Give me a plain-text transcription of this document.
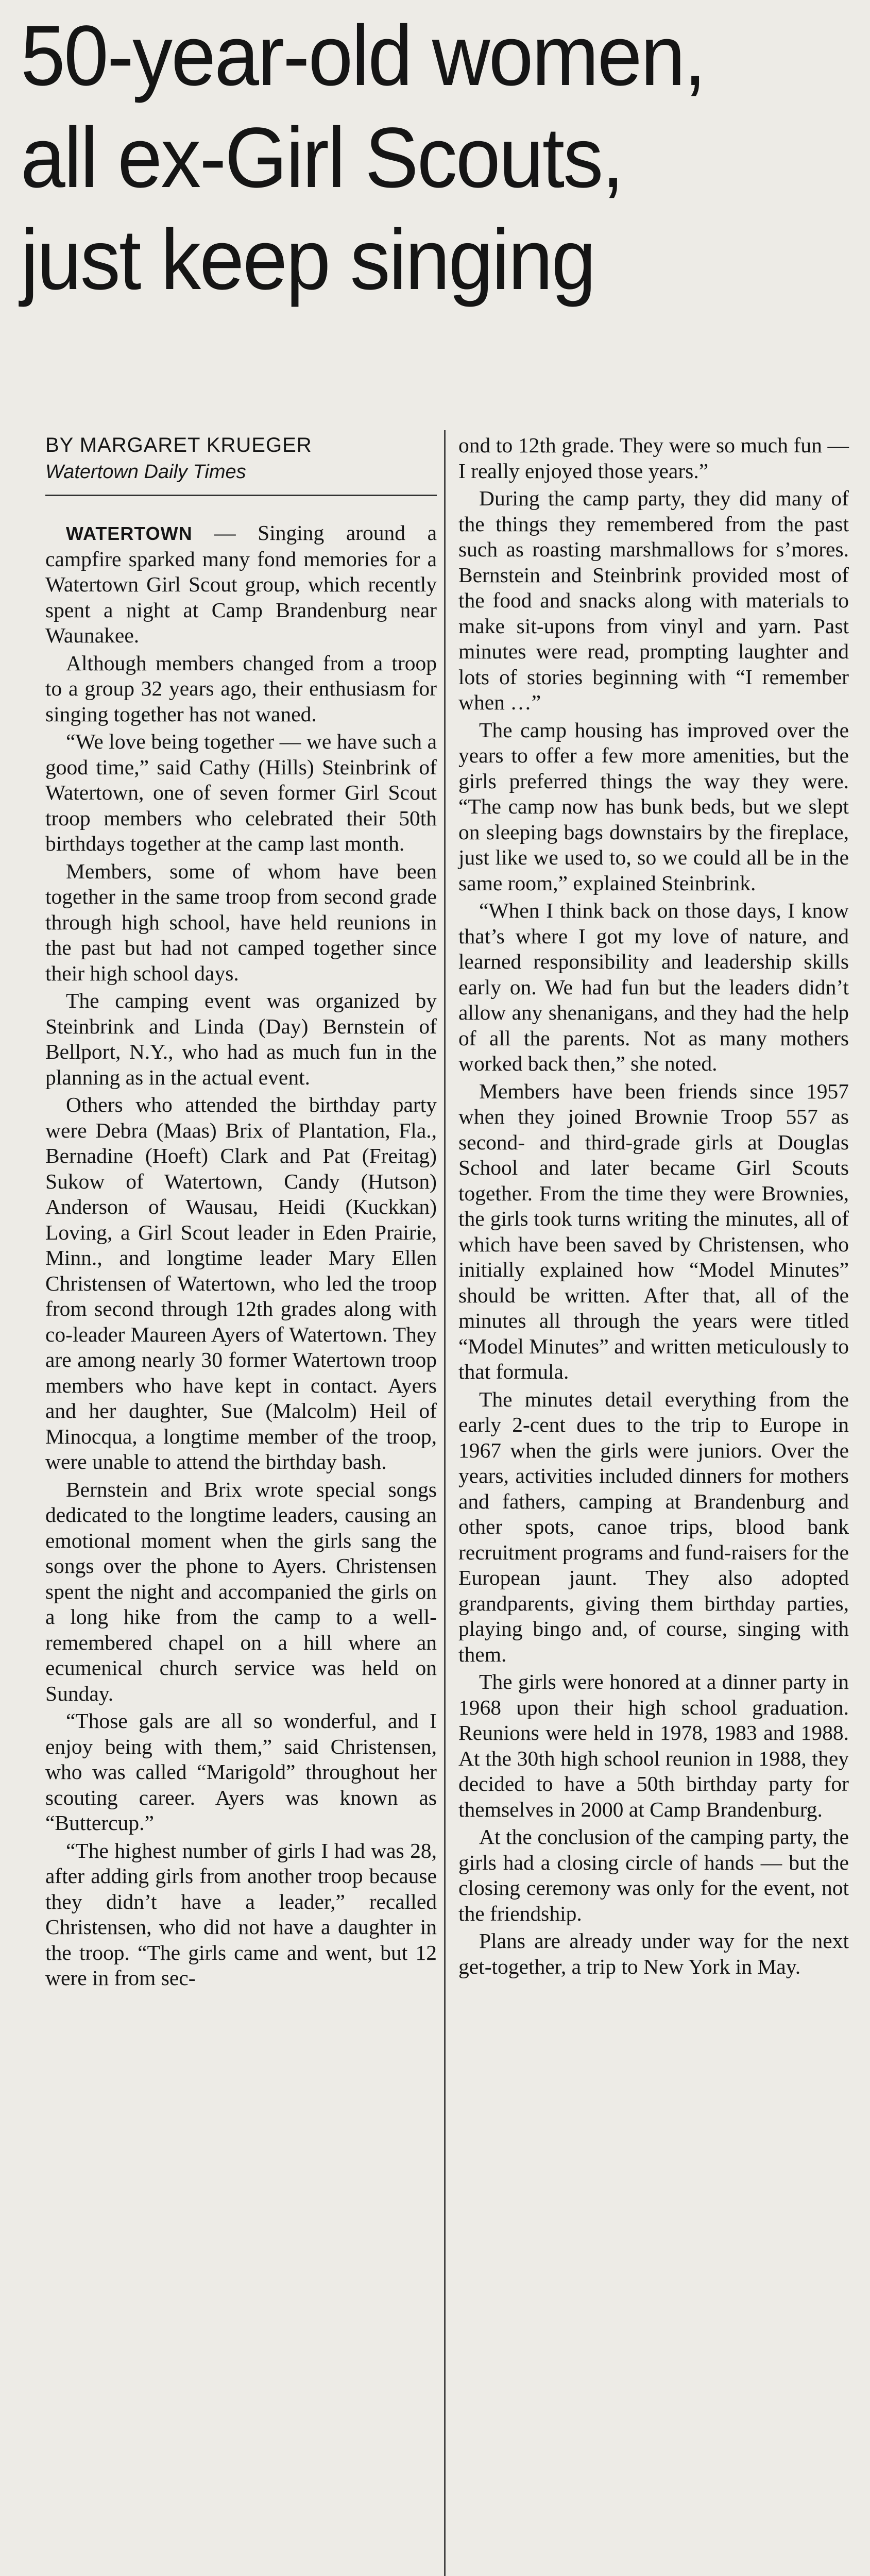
50-year-old women,
all ex-Girl Scouts,
just keep singing
BY MARGARET KRUEGER
Watertown Daily Times

WATERTOWN — Singing around a campfire sparked many fond memories for a Watertown Girl Scout group, which recently spent a night at Camp Brandenburg near Waunakee.

Although members changed from a troop to a group 32 years ago, their enthusiasm for singing together has not waned.

“We love being together — we have such a good time,” said Cathy (Hills) Steinbrink of Watertown, one of seven former Girl Scout troop members who celebrated their 50th birthdays together at the camp last month.

Members, some of whom have been together in the same troop from second grade through high school, have held reunions in the past but had not camped together since their high school days.

The camping event was organized by Steinbrink and Linda (Day) Bernstein of Bellport, N.Y., who had as much fun in the planning as in the actual event.

Others who attended the birthday party were Debra (Maas) Brix of Plantation, Fla., Bernadine (Hoeft) Clark and Pat (Freitag) Sukow of Watertown, Candy (Hutson) Anderson of Wausau, Heidi (Kuckkan) Loving, a Girl Scout leader in Eden Prairie, Minn., and longtime leader Mary Ellen Christensen of Watertown, who led the troop from second through 12th grades along with co-leader Maureen Ayers of Watertown. They are among nearly 30 former Watertown troop members who have kept in contact. Ayers and her daughter, Sue (Malcolm) Heil of Minocqua, a longtime member of the troop, were unable to attend the birthday bash.

Bernstein and Brix wrote special songs dedicated to the longtime leaders, causing an emotional moment when the girls sang the songs over the phone to Ayers. Christensen spent the night and accompanied the girls on a long hike from the camp to a well-remembered chapel on a hill where an ecumenical church service was held on Sunday.

“Those gals are all so wonderful, and I enjoy being with them,” said Christensen, who was called “Marigold” throughout her scouting career. Ayers was known as “Buttercup.”

“The highest number of girls I had was 28, after adding girls from another troop because they didn’t have a leader,” recalled Christensen, who did not have a daughter in the troop. “The girls came and went, but 12 were in from sec-

ond to 12th grade. They were so much fun — I really enjoyed those years.”

During the camp party, they did many of the things they remembered from the past such as roasting marshmallows for s’mores. Bernstein and Steinbrink provided most of the food and snacks along with materials to make sit-upons from vinyl and yarn. Past minutes were read, prompting laughter and lots of stories beginning with “I remember when …”

The camp housing has improved over the years to offer a few more amenities, but the girls preferred things the way they were. “The camp now has bunk beds, but we slept on sleeping bags downstairs by the fireplace, just like we used to, so we could all be in the same room,” explained Steinbrink.

“When I think back on those days, I know that’s where I got my love of nature, and learned responsibility and leadership skills early on. We had fun but the leaders didn’t allow any shenanigans, and they had the help of all the parents. Not as many mothers worked back then,” she noted.

Members have been friends since 1957 when they joined Brownie Troop 557 as second- and third-grade girls at Douglas School and later became Girl Scouts together. From the time they were Brownies, the girls took turns writing the minutes, all of which have been saved by Christensen, who initially explained how “Model Minutes” should be written. After that, all of the minutes all through the years were titled “Model Minutes” and written meticulously to that formula.

The minutes detail everything from the early 2-cent dues to the trip to Europe in 1967 when the girls were juniors. Over the years, activities included dinners for mothers and fathers, camping at Brandenburg and other spots, canoe trips, blood bank recruitment programs and fund-raisers for the European jaunt. They also adopted grandparents, giving them birthday parties, playing bingo and, of course, singing with them.

The girls were honored at a dinner party in 1968 upon their high school graduation. Reunions were held in 1978, 1983 and 1988. At the 30th high school reunion in 1988, they decided to have a 50th birthday party for themselves in 2000 at Camp Brandenburg.

At the conclusion of the camping party, the girls had a closing circle of hands — but the closing ceremony was only for the event, not the friendship.

Plans are already under way for the next get-together, a trip to New York in May.
